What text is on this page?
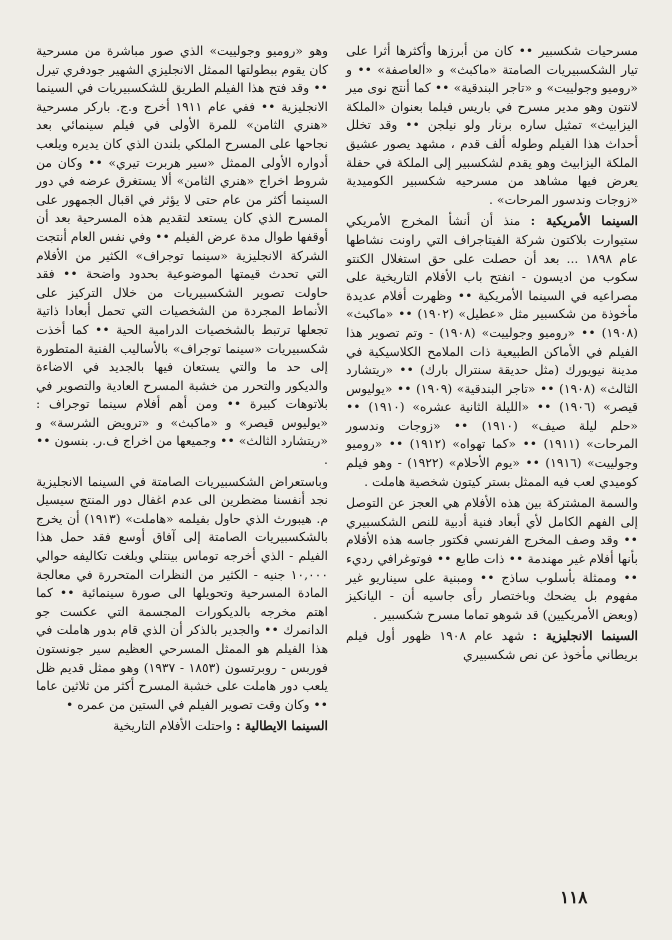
مسرحيات شكسبير •• كان من أبرزها وأكثرها أثرا على تيار الشكسبيريات الصامتة «ماكبث» و «العاصفة» •• و «روميو وجولييت» و «تاجر البندقية» •• كما أنتج نوى مير لانتون وهو مدير مسرح في باريس فيلما بعنوان «الملكة اليزابيث» تمثيل ساره برنار ولو نيلجن •• وقد تخلل أحداث هذا الفيلم وطوله ألف قدم ، مشهد يصور عشيق الملكة اليزابيث وهو يقدم لشكسبير إلى الملكة في حفلة يعرض فيها مشاهد من مسرحيه شكسبير الكوميدية «زوجات وندسور المرحات» .

السينما الأمريكية : منذ أن أنشأ المخرج الأمريكي ستيوارت بلاكتون شركة الفيتاجراف التي راونت نشاطها عام ١٨٩٨ ... بعد أن حصلت على حق استغلال الكنتو سكوب من اديسون - انفتح باب الأفلام التاريخية على مصراعيه في السينما الأمريكية •• وظهرت أفلام عديدة مأخوذة من شكسبير مثل «عطيل» (١٩٠٢) •• «ماكبث» (١٩٠٨) •• «روميو وجولييت» (١٩٠٨) - وتم تصوير هذا الفيلم في الأماكن الطبيعية ذات الملامح الكلاسيكية في مدينة نيويورك (مثل حديقة سنترال بارك) •• «ريتشارد الثالث» (١٩٠٨) •• «تاجر البندقية» (١٩٠٩) •• «يوليوس قيصر» (١٩٠٦) •• «الليلة الثانية عشره» (١٩١٠) •• «حلم ليلة صيف» (١٩١٠) •• «زوجات وندسور المرحات» (١٩١١) •• «كما تهواه» (١٩١٢) •• «روميو وجولييت» (١٩١٦) •• «يوم الأحلام» (١٩٢٢) - وهو فيلم كوميدي لعب فيه الممثل بستر كيتون شخصية هاملت .

والسمة المشتركة بين هذه الأفلام هي العجز عن التوصل إلى الفهم الكامل لأي أبعاد فنية أدبية للنص الشكسبيري •• وقد وصف المخرج الفرنسي فكتور جاسه هذه الأفلام بأنها أفلام غير مهندمة •• ذات طابع •• فوتوغرافي رديء •• وممثلة بأسلوب ساذج •• ومبنية على سيناريو غير مفهوم بل يضحك وباختصار رأى جاسيه أن - اليانكيز (وبعض الأمريكيين) قد شوهو تماما مسرح شكسبير .

السينما الانجليزية : شهد عام ١٩٠٨ ظهور أول فيلم بريطاني مأخوذ عن نص شكسبيري

وهو «روميو وجولييت» الذي صور مباشرة من مسرحية كان يقوم ببطولتها الممثل الانجليزي الشهير جودفري تيرل •• وقد فتح هذا الفيلم الطريق للشكسبيريات في السينما الانجليزية •• ففي عام ١٩١١ أخرج و.ج. باركر مسرحية «هنري الثامن» للمرة الأولى في فيلم سينمائي بعد نجاحها على المسرح الملكي بلندن الذي كان يديره ويلعب أدواره الأولى الممثل «سير هربرت تيري» •• وكان من شروط اخراج «هنري الثامن» ألا يستغرق عرضه في دور السينما أكثر من عام حتى لا يؤثر في اقبال الجمهور على المسرح الذي كان يستعد لتقديم هذه المسرحية بعد أن أوقفها طوال مدة عرض الفيلم •• وفي نفس العام أنتجت الشركة الانجليزية «سينما توجراف» الكثير من الأفلام التي تحدث قيمتها الموضوعية بحدود واضحة •• فقد حاولت تصوير الشكسبيريات من خلال التركيز على الأنماط المجردة من الشخصيات التي تحمل أبعادا ذاتية تجعلها ترتبط بالشخصيات الدرامية الحية •• كما أخذت شكسبيريات «سينما توجراف» بالأساليب الفنية المتطورة إلى حد ما والتي يستعان فيها بالجديد في الاضاءة والديكور والتحرر من خشبة المسرح العادية والتصوير في بلاتوهات كبيرة •• ومن أهم أفلام سينما توجراف : «يوليوس قيصر» و «ماكبث» و «ترويض الشرسة» و «ريتشارد الثالث» •• وجميعها من اخراج ف.ر. بنسون •• .

وباستعراض الشكسبيريات الصامتة في السينما الانجليزية نجد أنفسنا مضطرين الى عدم اغفال دور المنتج سيسيل م. هيبورث الذي حاول بفيلمه «هاملت» (١٩١٣) أن يخرج بالشكسبيريات الصامتة إلى آفاق أوسع فقد حمل هذا الفيلم - الذي أخرجه توماس بينتلي وبلغت تكاليفه حوالي ١٠,٠٠٠ جنيه - الكثير من النظرات المتحررة في معالجة المادة المسرحية وتحويلها الى صورة سينمائية •• كما اهتم مخرجه بالديكورات المجسمة التي عكست جو الدانمرك •• والجدير بالذكر أن الذي قام بدور هاملت في هذا الفيلم هو الممثل المسرحي العظيم سير جونستون فوربس - روبرتسون (١٨٥٣ - ١٩٣٧) وهو ممثل قديم ظل يلعب دور هاملت على خشبة المسرح أكثر من ثلاثين عاما •• وكان وقت تصوير الفيلم في الستين من عمره •

السينما الايطالية : واحتلت الأفلام التاريخية

١١٨
